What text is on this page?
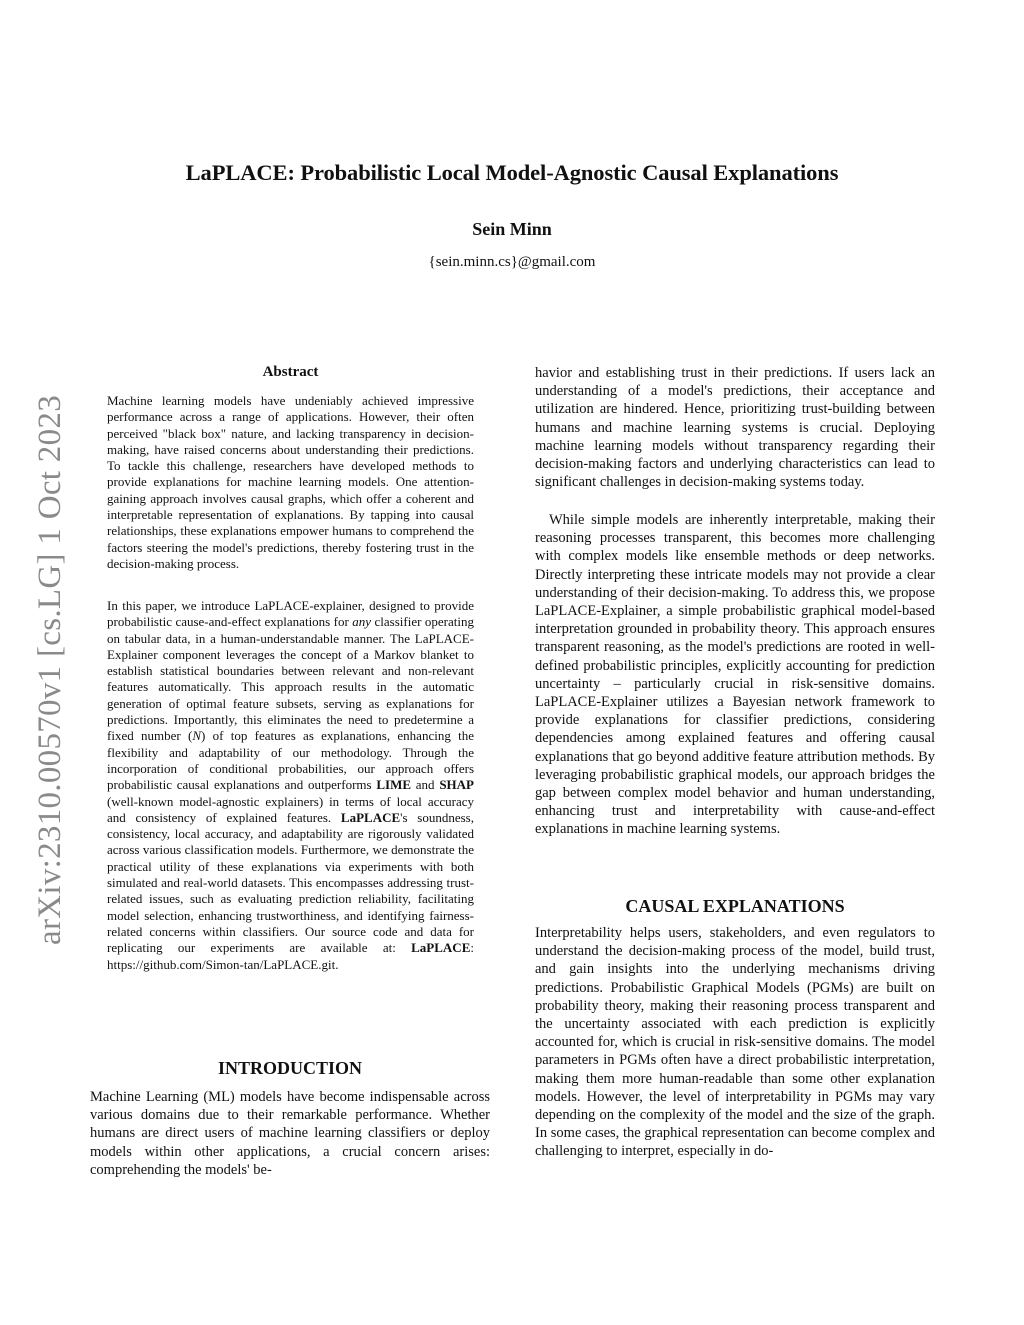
arXiv:2310.00570v1 [cs.LG] 1 Oct 2023
LaPLACE: Probabilistic Local Model-Agnostic Causal Explanations
Sein Minn
{sein.minn.cs}@gmail.com
Abstract
Machine learning models have undeniably achieved impressive performance across a range of applications. However, their often perceived "black box" nature, and lacking transparency in decision-making, have raised concerns about understanding their predictions. To tackle this challenge, researchers have developed methods to provide explanations for machine learning models. One attention-gaining approach involves causal graphs, which offer a coherent and interpretable representation of explanations. By tapping into causal relationships, these explanations empower humans to comprehend the factors steering the model's predictions, thereby fostering trust in the decision-making process.
In this paper, we introduce LaPLACE-explainer, designed to provide probabilistic cause-and-effect explanations for any classifier operating on tabular data, in a human-understandable manner. The LaPLACE-Explainer component leverages the concept of a Markov blanket to establish statistical boundaries between relevant and non-relevant features automatically. This approach results in the automatic generation of optimal feature subsets, serving as explanations for predictions. Importantly, this eliminates the need to predetermine a fixed number (N) of top features as explanations, enhancing the flexibility and adaptability of our methodology. Through the incorporation of conditional probabilities, our approach offers probabilistic causal explanations and outperforms LIME and SHAP (well-known model-agnostic explainers) in terms of local accuracy and consistency of explained features. LaPLACE's soundness, consistency, local accuracy, and adaptability are rigorously validated across various classification models. Furthermore, we demonstrate the practical utility of these explanations via experiments with both simulated and real-world datasets. This encompasses addressing trust-related issues, such as evaluating prediction reliability, facilitating model selection, enhancing trustworthiness, and identifying fairness-related concerns within classifiers. Our source code and data for replicating our experiments are available at: LaPLACE: https://github.com/Simon-tan/LaPLACE.git.
INTRODUCTION
Machine Learning (ML) models have become indispensable across various domains due to their remarkable performance. Whether humans are direct users of machine learning classifiers or deploy models within other applications, a crucial concern arises: comprehending the models' be-
havior and establishing trust in their predictions. If users lack an understanding of a model's predictions, their acceptance and utilization are hindered. Hence, prioritizing trust-building between humans and machine learning systems is crucial. Deploying machine learning models without transparency regarding their decision-making factors and underlying characteristics can lead to significant challenges in decision-making systems today.
While simple models are inherently interpretable, making their reasoning processes transparent, this becomes more challenging with complex models like ensemble methods or deep networks. Directly interpreting these intricate models may not provide a clear understanding of their decision-making. To address this, we propose LaPLACE-Explainer, a simple probabilistic graphical model-based interpretation grounded in probability theory. This approach ensures transparent reasoning, as the model's predictions are rooted in well-defined probabilistic principles, explicitly accounting for prediction uncertainty – particularly crucial in risk-sensitive domains. LaPLACE-Explainer utilizes a Bayesian network framework to provide explanations for classifier predictions, considering dependencies among explained features and offering causal explanations that go beyond additive feature attribution methods. By leveraging probabilistic graphical models, our approach bridges the gap between complex model behavior and human understanding, enhancing trust and interpretability with cause-and-effect explanations in machine learning systems.
CAUSAL EXPLANATIONS
Interpretability helps users, stakeholders, and even regulators to understand the decision-making process of the model, build trust, and gain insights into the underlying mechanisms driving predictions. Probabilistic Graphical Models (PGMs) are built on probability theory, making their reasoning process transparent and the uncertainty associated with each prediction is explicitly accounted for, which is crucial in risk-sensitive domains. The model parameters in PGMs often have a direct probabilistic interpretation, making them more human-readable than some other explanation models. However, the level of interpretability in PGMs may vary depending on the complexity of the model and the size of the graph. In some cases, the graphical representation can become complex and challenging to interpret, especially in do-
